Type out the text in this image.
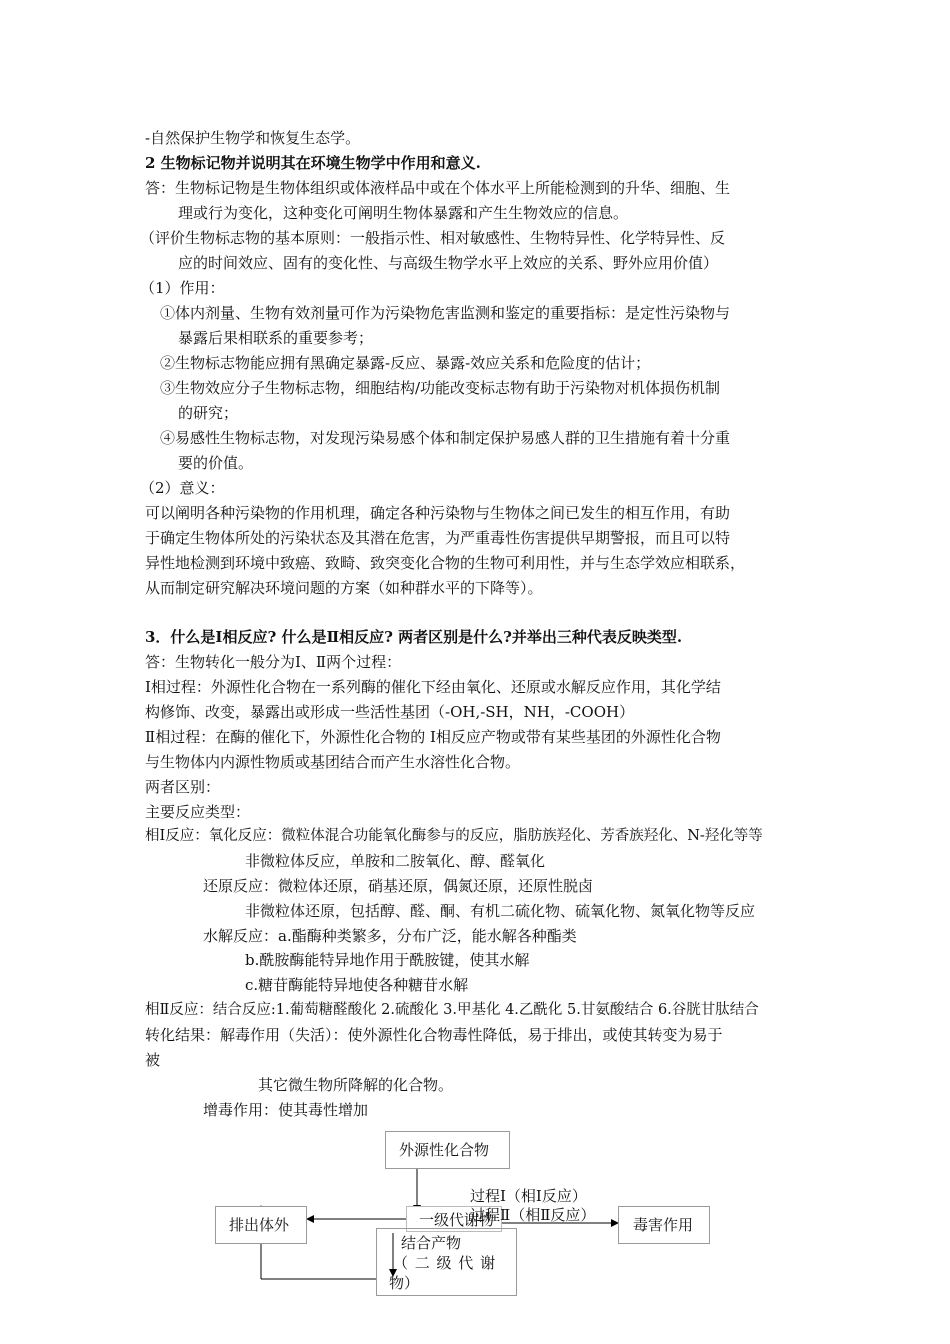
-自然保护生物学和恢复生态学。
2 生物标记物并说明其在环境生物学中作用和意义.
答：生物标记物是生物体组织或体液样品中或在个体水平上所能检测到的升华、细胞、生
理或行为变化，这种变化可阐明生物体暴露和产生生物效应的信息。
（评价生物标志物的基本原则：一般指示性、相对敏感性、生物特异性、化学特异性、反
应的时间效应、固有的变化性、与高级生物学水平上效应的关系、野外应用价值）
（1）作用：
①体内剂量、生物有效剂量可作为污染物危害监测和鉴定的重要指标：是定性污染物与
暴露后果相联系的重要参考；
②生物标志物能应拥有黑确定暴露-反应、暴露-效应关系和危险度的估计；
③生物效应分子生物标志物，细胞结构/功能改变标志物有助于污染物对机体损伤机制
的研究；
④易感性生物标志物，对发现污染易感个体和制定保护易感人群的卫生措施有着十分重
要的价值。
（2）意义：
可以阐明各种污染物的作用机理，确定各种污染物与生物体之间已发生的相互作用，有助
于确定生物体所处的污染状态及其潜在危害，为严重毒性伤害提供早期警报，而且可以特
异性地检测到环境中致癌、致畸、致突变化合物的生物可利用性，并与生态学效应相联系，
从而制定研究解决环境问题的方案（如种群水平的下降等）。
3．什么是Ⅰ相反应? 什么是Ⅱ相反应? 两者区别是什么?并举出三种代表反映类型.
答：生物转化一般分为Ⅰ、Ⅱ两个过程：
Ⅰ相过程：外源性化合物在一系列酶的催化下经由氧化、还原或水解反应作用，其化学结
构修饰、改变，暴露出或形成一些活性基团（-OH,-SH，NH，-COOH）
Ⅱ相过程：在酶的催化下，外源性化合物的 Ⅰ相反应产物或带有某些基团的外源性化合物
与生物体内内源性物质或基团结合而产生水溶性化合物。
两者区别：
主要反应类型：
相Ⅰ反应：氧化反应：微粒体混合功能氧化酶参与的反应，脂肪族羟化、芳香族羟化、N-羟化等等
非微粒体反应，单胺和二胺氧化、醇、醛氧化
还原反应：微粒体还原，硝基还原，偶氮还原，还原性脱卤
非微粒体还原，包括醇、醛、酮、有机二硫化物、硫氧化物、氮氧化物等反应
水解反应：a.酯酶种类繁多，分布广泛，能水解各种酯类
b.酰胺酶能特异地作用于酰胺键，使其水解
c.糖苷酶能特异地使各种糖苷水解
相Ⅱ反应：结合反应:1.葡萄糖醛酸化 2.硫酸化 3.甲基化 4.乙酰化 5.甘氨酸结合 6.谷胱甘肽结合
转化结果：解毒作用（失活）：使外源性化合物毒性降低，易于排出，或使其转变为易于
被
其它微生物所降解的化合物。
增毒作用：使其毒性增加
外源性化合物
排出体外	毒害作用
一级代谢物
结合产物
（ 二 级 代 谢
物）
过程Ⅰ（相Ⅰ反应）
过程Ⅱ（相Ⅱ反应）
